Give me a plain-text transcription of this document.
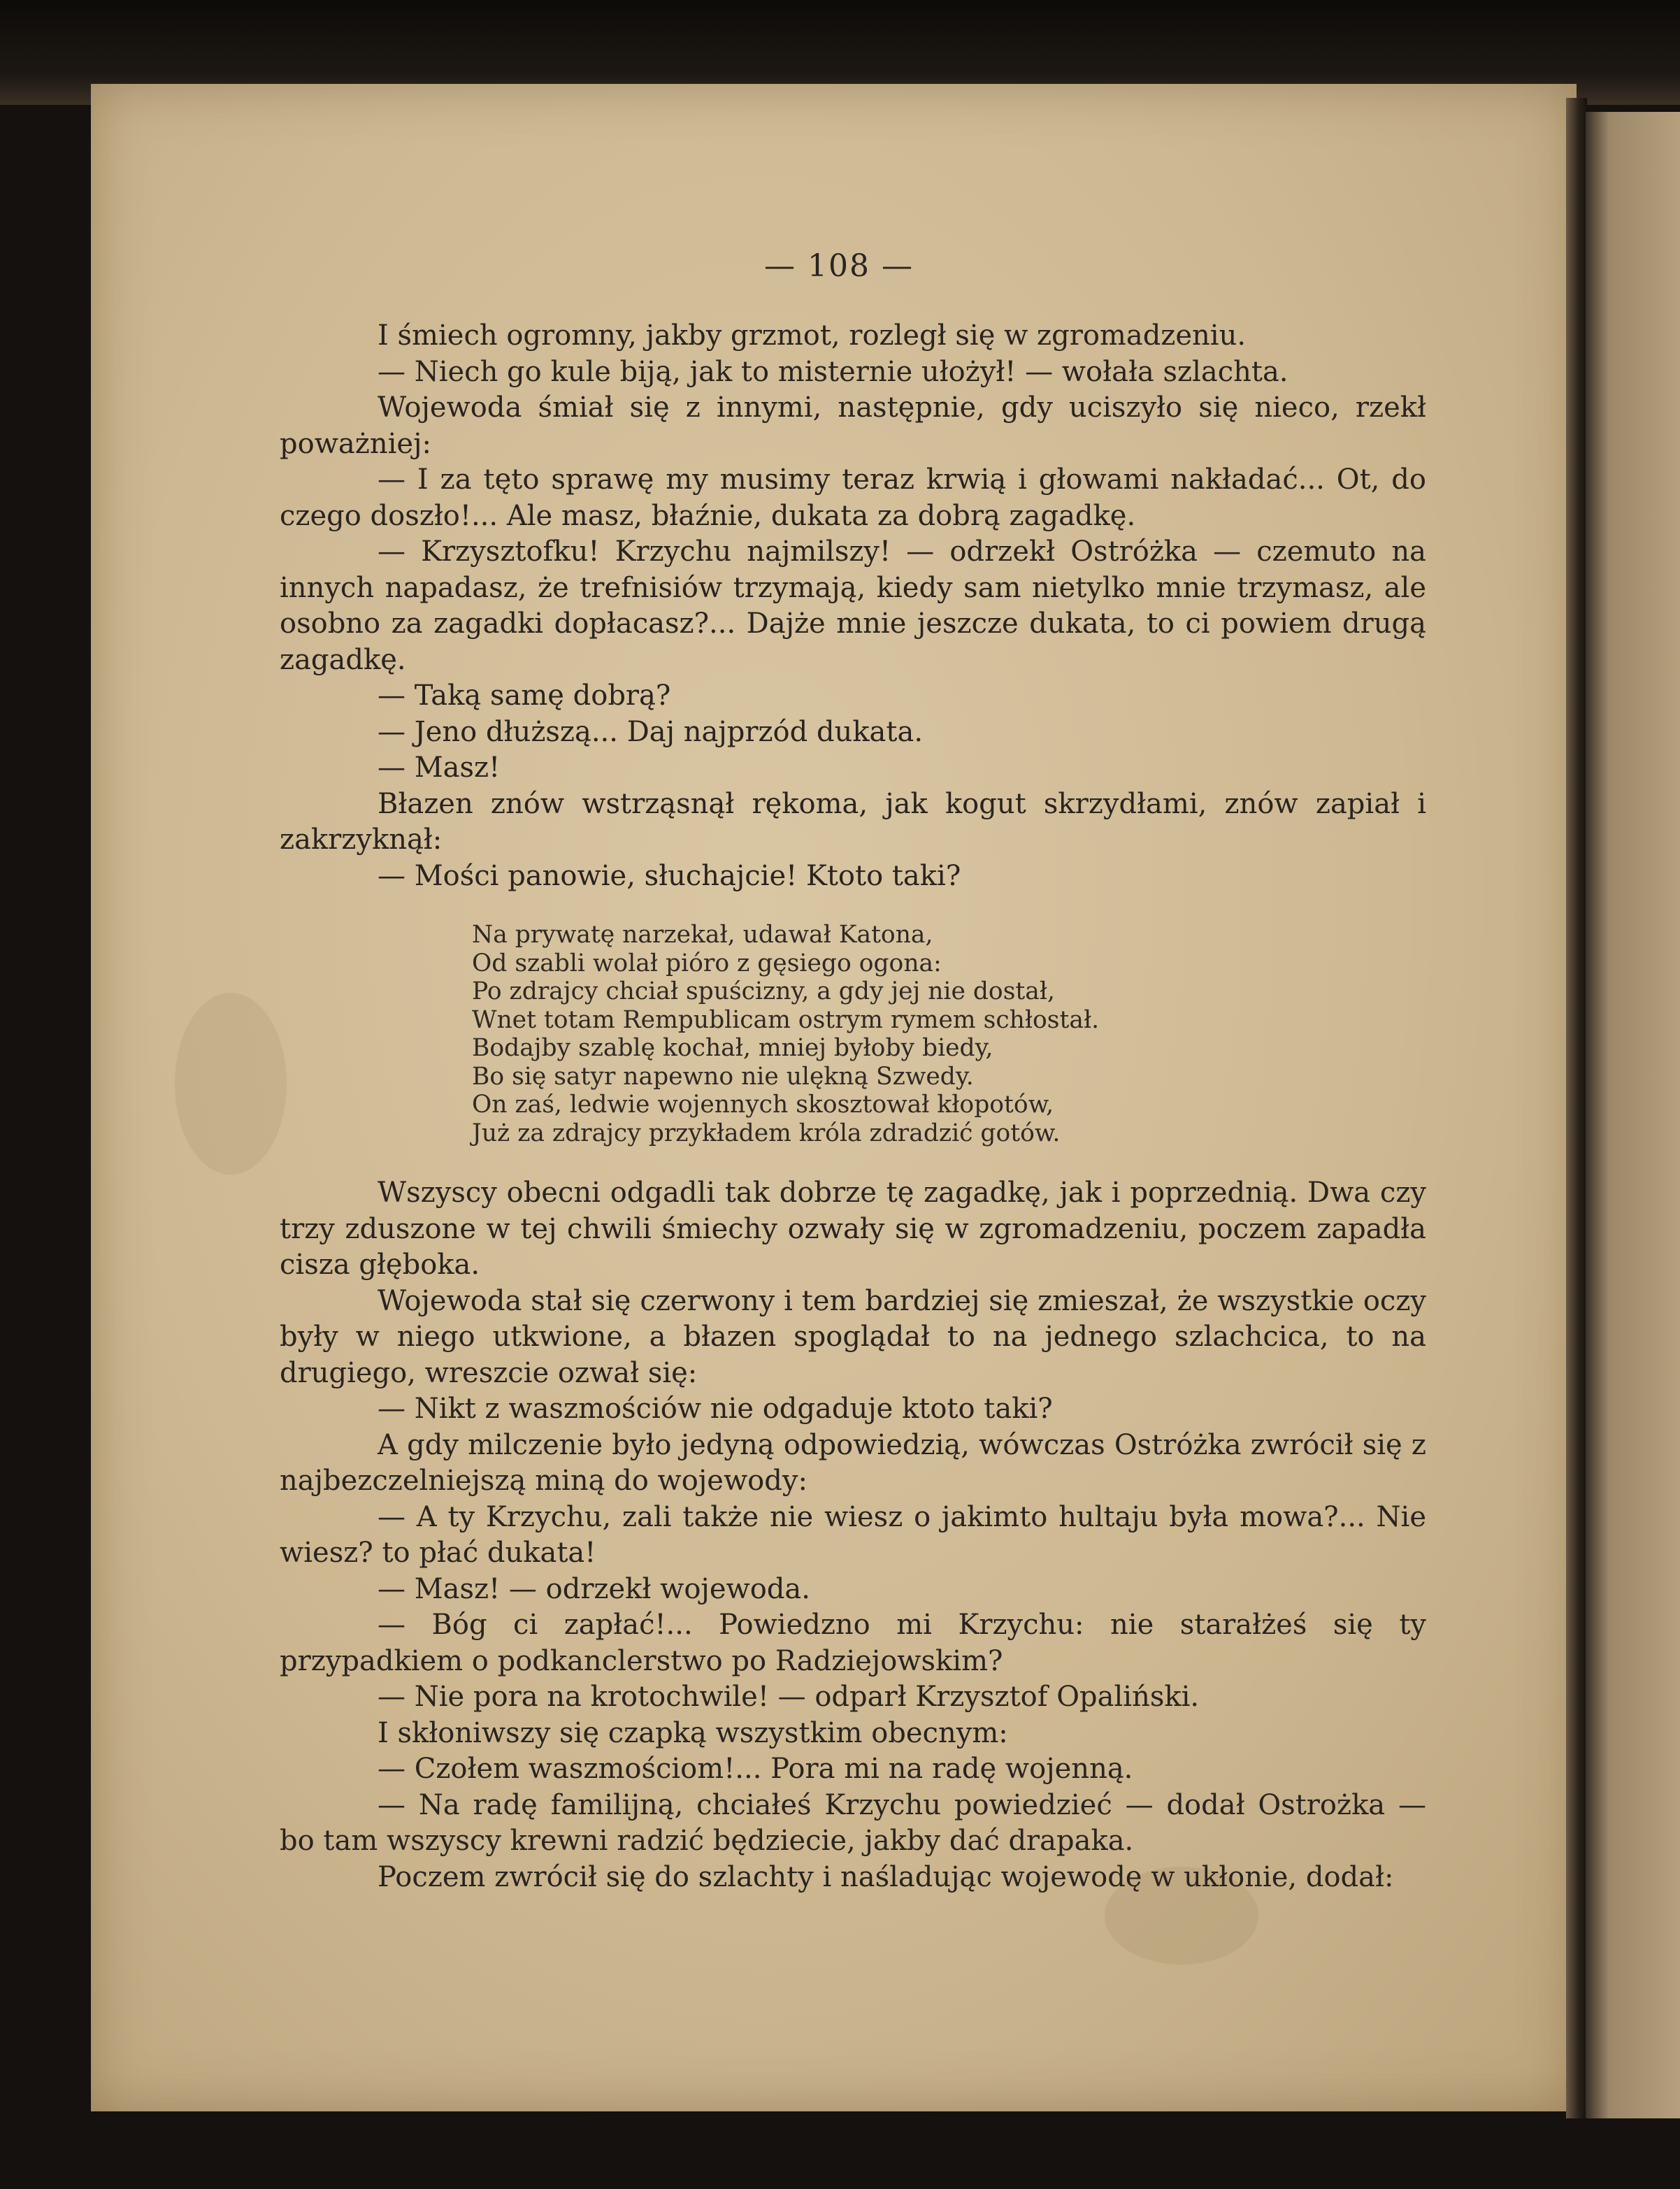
— 108 —

I śmiech ogromny, jakby grzmot, rozległ się w zgromadzeniu.

— Niech go kule biją, jak to misternie ułożył! — wołała szlachta.

Wojewoda śmiał się z innymi, następnie, gdy uciszyło się nieco, rzekł poważniej:

— I za tęto sprawę my musimy teraz krwią i głowami nakładać... Ot, do czego doszło!... Ale masz, błaźnie, dukata za dobrą zagadkę.

— Krzysztofku! Krzychu najmilszy! — odrzekł Ostróżka — czemuto na innych napadasz, że trefnisiów trzymają, kiedy sam nietylko mnie trzymasz, ale osobno za zagadki dopłacasz?... Dajże mnie jeszcze dukata, to ci powiem drugą zagadkę.

— Taką samę dobrą?

— Jeno dłuższą... Daj najprzód dukata.

— Masz!

Błazen znów wstrząsnął rękoma, jak kogut skrzydłami, znów zapiał i zakrzyknął:

— Mości panowie, słuchajcie! Ktoto taki?

Na prywatę narzekał, udawał Katona,
Od szabli wolał pióro z gęsiego ogona:
Po zdrajcy chciał spuścizny, a gdy jej nie dostał,
Wnet totam Rempublicam ostrym rymem schłostał.
Bodajby szablę kochał, mniej byłoby biedy,
Bo się satyr napewno nie ulękną Szwedy.
On zaś, ledwie wojennych skosztował kłopotów,
Już za zdrajcy przykładem króla zdradzić gotów.

Wszyscy obecni odgadli tak dobrze tę zagadkę, jak i poprzednią. Dwa czy trzy zduszone w tej chwili śmiechy ozwały się w zgromadzeniu, poczem zapadła cisza głęboka.

Wojewoda stał się czerwony i tem bardziej się zmieszał, że wszystkie oczy były w niego utkwione, a błazen spoglądał to na jednego szlachcica, to na drugiego, wreszcie ozwał się:

— Nikt z waszmościów nie odgaduje ktoto taki?

A gdy milczenie było jedyną odpowiedzią, wówczas Ostróżka zwrócił się z najbezczelniejszą miną do wojewody:

— A ty Krzychu, zali także nie wiesz o jakimto hultaju była mowa?... Nie wiesz? to płać dukata!

— Masz! — odrzekł wojewoda.

— Bóg ci zapłać!... Powiedzno mi Krzychu: nie starałżeś się ty przypadkiem o podkanclerstwo po Radziejowskim?

— Nie pora na krotochwile! — odparł Krzysztof Opaliński.

I skłoniwszy się czapką wszystkim obecnym:

— Czołem waszmościom!... Pora mi na radę wojenną.

— Na radę familijną, chciałeś Krzychu powiedzieć — dodał Ostrożka — bo tam wszyscy krewni radzić będziecie, jakby dać drapaka.

Poczem zwrócił się do szlachty i naśladując wojewodę w ukłonie, dodał:
